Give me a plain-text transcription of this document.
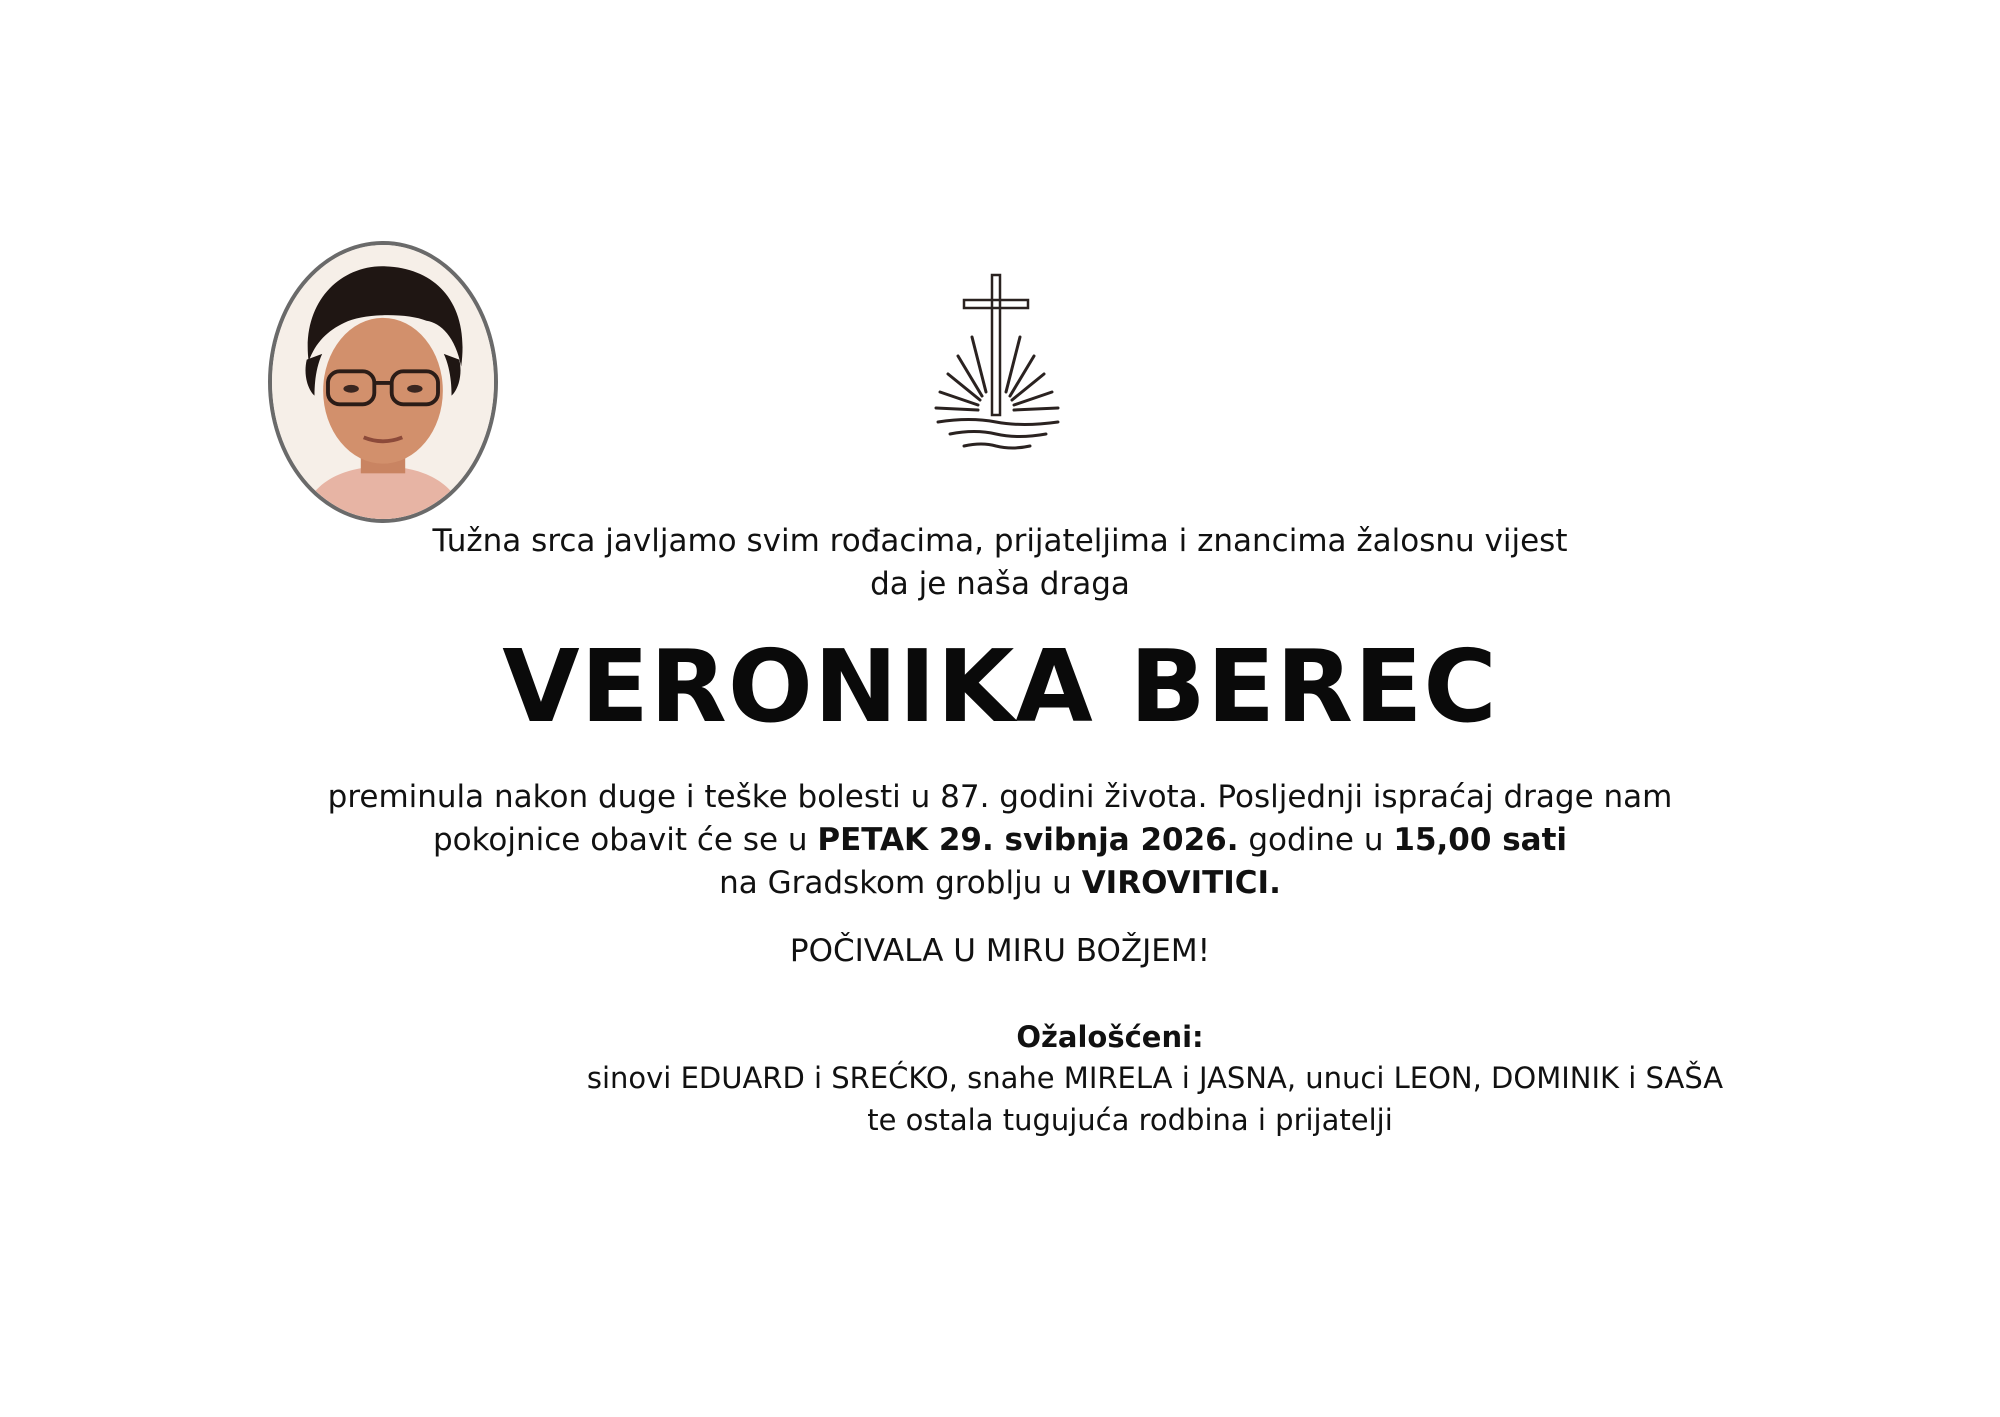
Tužna srca javljamo svim rođacima, prijateljima i znancima žalosnu vijest

da je naša draga

VERONIKA BEREC

preminula nakon duge i teške bolesti u 87. godini života. Posljednji ispraćaj drage nam

pokojnice obavit će se u PETAK 29. svibnja 2026. godine u 15,00 sati

na Gradskom groblju u VIROVITICI.

POČIVALA U MIRU BOŽJEM!

Ožalošćeni:

sinovi EDUARD i SREĆKO, snahe MIRELA i JASNA, unuci LEON, DOMINIK i SAŠA

te ostala tugujuća rodbina i prijatelji
